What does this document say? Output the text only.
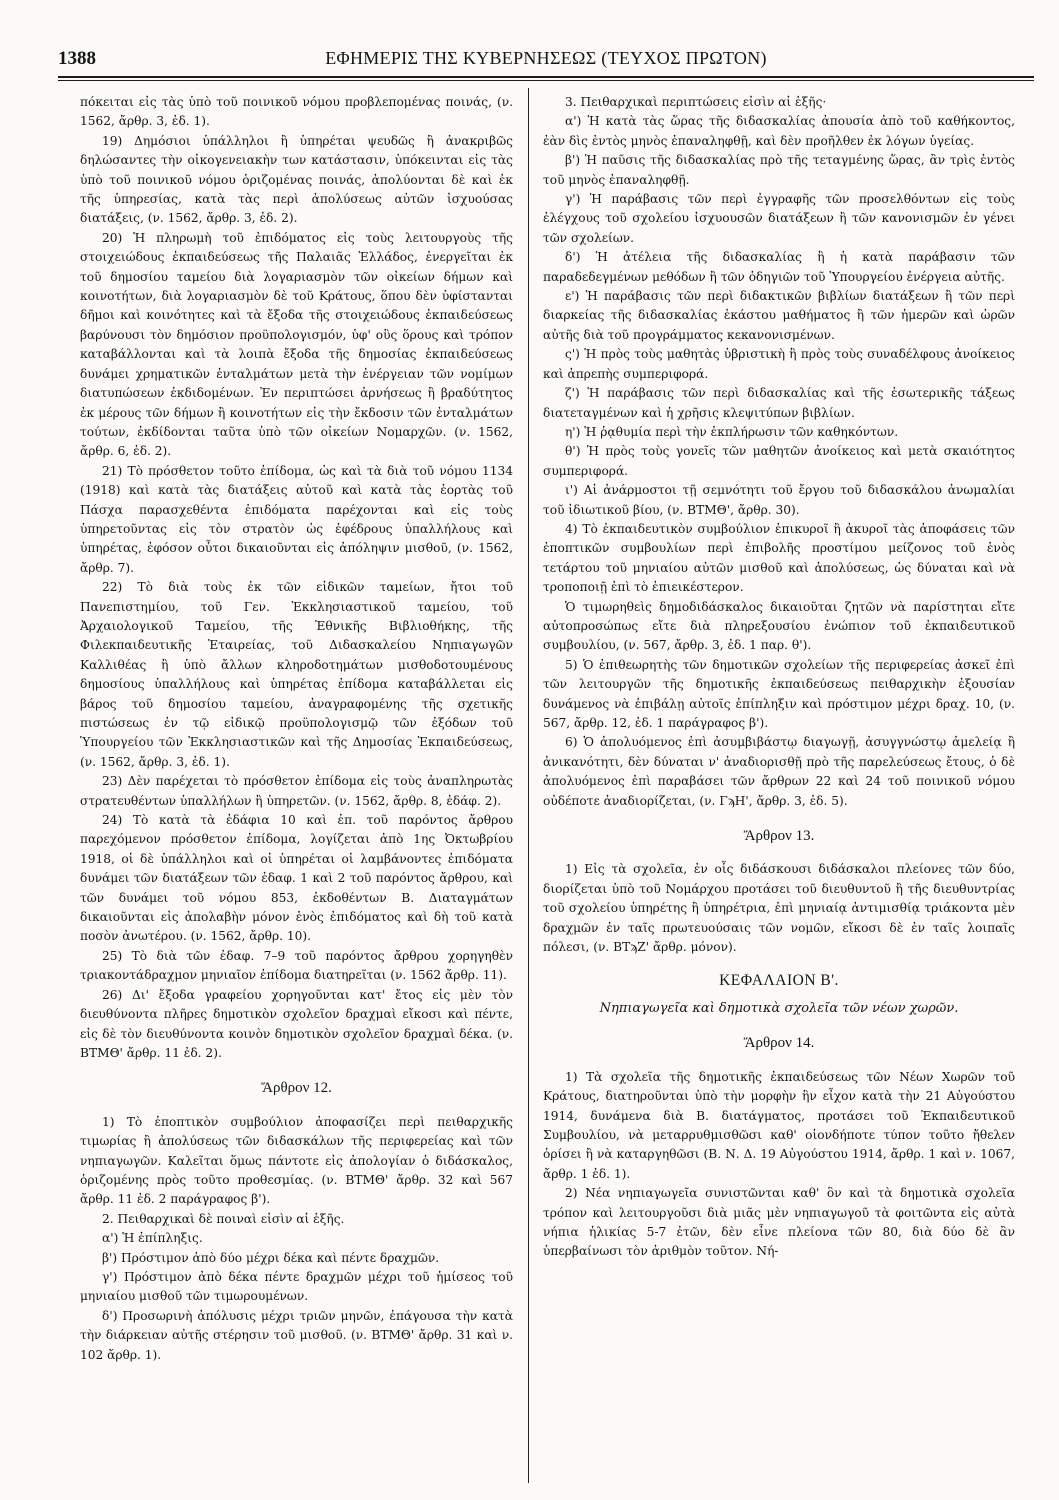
1388	ΕΦΗΜΕΡΙΣ ΤΗΣ ΚΥΒΕΡΝΗΣΕΩΣ (ΤΕΥΧΟΣ ΠΡΩΤΟΝ)

πόκειται εἰς τὰς ὑπὸ τοῦ ποινικοῦ νόμου προβλεπομένας ποινάς, (ν. 1562, ἄρθρ. 3, ἐδ. 1).

19) Δημόσιοι ὑπάλληλοι ἢ ὑπηρέται ψευδῶς ἢ ἀνακριβῶς δηλώσαντες τὴν οἰκογενειακὴν των κατάστασιν, ὑπόκεινται εἰς τὰς ὑπὸ τοῦ ποινικοῦ νόμου ὁριζομένας ποινάς, ἀπολύονται δὲ καὶ ἐκ τῆς ὑπηρεσίας, κατὰ τὰς περὶ ἀπολύσεως αὐτῶν ἰσχυούσας διατάξεις, (ν. 1562, ἄρθρ. 3, ἐδ. 2).

20) Ἡ πληρωμὴ τοῦ ἐπιδόματος εἰς τοὺς λειτουργοὺς τῆς στοιχειώδους ἐκπαιδεύσεως τῆς Παλαιᾶς Ἑλλάδος, ἐνεργεῖται ἐκ τοῦ δημοσίου ταμείου διὰ λογαριασμὸν τῶν οἰκείων δήμων καὶ κοινοτήτων, διὰ λογαριασμὸν δὲ τοῦ Κράτους, ὅπου δὲν ὑφίστανται δῆμοι καὶ κοινότητες καὶ τὰ ἔξοδα τῆς στοιχειώδους ἐκπαιδεύσεως βαρύνουσι τὸν δημόσιον προϋπολογισμόν, ὑφ' οὓς ὅρους καὶ τρόπον καταβάλλονται καὶ τὰ λοιπὰ ἔξοδα τῆς δημοσίας ἐκπαιδεύσεως δυνάμει χρηματικῶν ἐνταλμάτων μετὰ τὴν ἐνέργειαν τῶν νομίμων διατυπώσεων ἐκδιδομένων. Ἐν περιπτώσει ἀρνήσεως ἢ βραδύτητος ἐκ μέρους τῶν δήμων ἢ κοινοτήτων εἰς τὴν ἔκδοσιν τῶν ἐνταλμάτων τούτων, ἐκδίδονται ταῦτα ὑπὸ τῶν οἰκείων Νομαρχῶν. (ν. 1562, ἄρθρ. 6, ἐδ. 2).

21) Τὸ πρόσθετον τοῦτο ἐπίδομα, ὡς καὶ τὰ διὰ τοῦ νόμου 1134 (1918) καὶ κατὰ τὰς διατάξεις αὐτοῦ καὶ κατὰ τὰς ἑορτὰς τοῦ Πάσχα παρασχεθέντα ἐπιδόματα παρέχονται καὶ εἰς τοὺς ὑπηρετοῦντας εἰς τὸν στρατὸν ὡς ἐφέδρους ὑπαλλήλους καὶ ὑπηρέτας, ἐφόσον οὗτοι δικαιοῦνται εἰς ἀπόληψιν μισθοῦ, (ν. 1562, ἄρθρ. 7).

22) Τὸ διὰ τοὺς ἐκ τῶν εἰδικῶν ταμείων, ἤτοι τοῦ Πανεπιστημίου, τοῦ Γεν. Ἐκκλησιαστικοῦ ταμείου, τοῦ Ἀρχαιολογικοῦ Ταμείου, τῆς Ἐθνικῆς Βιβλιοθήκης, τῆς Φιλεκπαιδευτικῆς Ἑταιρείας, τοῦ Διδασκαλείου Νηπιαγωγῶν Καλλιθέας ἢ ὑπὸ ἄλλων κληροδοτημάτων μισθοδοτουμένους δημοσίους ὑπαλλήλους καὶ ὑπηρέτας ἐπίδομα καταβάλλεται εἰς βάρος τοῦ δημοσίου ταμείου, ἀναγραφομένης τῆς σχετικῆς πιστώσεως ἐν τῷ εἰδικῷ προϋπολογισμῷ τῶν ἐξόδων τοῦ Ὑπουργείου τῶν Ἐκκλησιαστικῶν καὶ τῆς Δημοσίας Ἐκπαιδεύσεως, (ν. 1562, ἄρθρ. 3, ἐδ. 1).

23) Δὲν παρέχεται τὸ πρόσθετον ἐπίδομα εἰς τοὺς ἀναπληρωτὰς στρατευθέντων ὑπαλλήλων ἢ ὑπηρετῶν. (ν. 1562, ἄρθρ. 8, ἐδάφ. 2).

24) Τὸ κατὰ τὰ ἐδάφια 10 καὶ ἐπ. τοῦ παρόντος ἄρθρου παρεχόμενον πρόσθετον ἐπίδομα, λογίζεται ἀπὸ 1ης Ὀκτωβρίου 1918, οἱ δὲ ὑπάλληλοι καὶ οἱ ὑπηρέται οἱ λαμβάνοντες ἐπιδόματα δυνάμει τῶν διατάξεων τῶν ἐδαφ. 1 καὶ 2 τοῦ παρόντος ἄρθρου, καὶ τῶν δυνάμει τοῦ νόμου 853, ἐκδοθέντων Β. Διαταγμάτων δικαιοῦνται εἰς ἀπολαβὴν μόνον ἑνὸς ἐπιδόματος καὶ δὴ τοῦ κατὰ ποσὸν ἀνωτέρου. (ν. 1562, ἄρθρ. 10).

25) Τὸ διὰ τῶν ἐδαφ. 7–9 τοῦ παρόντος ἄρθρου χορηγηθὲν τριακοντάδραχμον μηνιαῖον ἐπίδομα διατηρεῖται (ν. 1562 ἄρθρ. 11).

26) Δι' ἔξοδα γραφείου χορηγοῦνται κατ' ἔτος εἰς μὲν τὸν διευθύνοντα πλῆρες δημοτικὸν σχολεῖον δραχμαὶ εἴκοσι καὶ πέντε, εἰς δὲ τὸν διευθύνοντα κοινὸν δημοτικὸν σχολεῖον δραχμαὶ δέκα. (ν. ΒΤΜΘ' ἄρθρ. 11 ἐδ. 2).

Ἄρθρον 12.

1) Τὸ ἐποπτικὸν συμβούλιον ἀποφασίζει περὶ πειθαρχικῆς τιμωρίας ἢ ἀπολύσεως τῶν διδασκάλων τῆς περιφερείας καὶ τῶν νηπιαγωγῶν. Καλεῖται ὅμως πάντοτε εἰς ἀπολογίαν ὁ διδάσκαλος, ὁριζομένης πρὸς τοῦτο προθεσμίας. (ν. ΒΤΜΘ' ἄρθρ. 32 καὶ 567 ἄρθρ. 11 ἐδ. 2 παράγραφος β').

2. Πειθαρχικαὶ δὲ ποιναὶ εἰσὶν αἱ ἑξῆς.

α') Ἡ ἐπίπληξις.

β') Πρόστιμον ἀπὸ δύο μέχρι δέκα καὶ πέντε δραχμῶν.

γ') Πρόστιμον ἀπὸ δέκα πέντε δραχμῶν μέχρι τοῦ ἡμίσεος τοῦ μηνιαίου μισθοῦ τῶν τιμωρουμένων.

δ') Προσωρινὴ ἀπόλυσις μέχρι τριῶν μηνῶν, ἐπάγουσα τὴν κατὰ τὴν διάρκειαν αὐτῆς στέρησιν τοῦ μισθοῦ. (ν. ΒΤΜΘ' ἄρθρ. 31 καὶ ν. 102 ἄρθρ. 1).

3. Πειθαρχικαὶ περιπτώσεις εἰσὶν αἱ ἑξῆς·

α') Ἡ κατὰ τὰς ὥρας τῆς διδασκαλίας ἀπουσία ἀπὸ τοῦ καθήκοντος, ἐὰν δὶς ἐντὸς μηνὸς ἐπαναληφθῇ, καὶ δὲν προῆλθεν ἐκ λόγων ὑγείας.

β') Ἡ παῦσις τῆς διδασκαλίας πρὸ τῆς τεταγμένης ὥρας, ἂν τρὶς ἐντὸς τοῦ μηνὸς ἐπαναληφθῇ.

γ') Ἡ παράβασις τῶν περὶ ἐγγραφῆς τῶν προσελθόντων εἰς τοὺς ἐλέγχους τοῦ σχολείου ἰσχυουσῶν διατάξεων ἢ τῶν κανονισμῶν ἐν γένει τῶν σχολείων.

δ') Ἡ ἀτέλεια τῆς διδασκαλίας ἢ ἡ κατὰ παράβασιν τῶν παραδεδεγμένων μεθόδων ἢ τῶν ὁδηγιῶν τοῦ Ὑπουργείου ἐνέργεια αὐτῆς.

ε') Ἡ παράβασις τῶν περὶ διδακτικῶν βιβλίων διατάξεων ἢ τῶν περὶ διαρκείας τῆς διδασκαλίας ἑκάστου μαθήματος ἢ τῶν ἡμερῶν καὶ ὡρῶν αὐτῆς διὰ τοῦ προγράμματος κεκανονισμένων.

ς') Ἡ πρὸς τοὺς μαθητὰς ὑβριστικὴ ἢ πρὸς τοὺς συναδέλφους ἀνοίκειος καὶ ἀπρεπὴς συμπεριφορά.

ζ') Ἡ παράβασις τῶν περὶ διδασκαλίας καὶ τῆς ἐσωτερικῆς τάξεως διατεταγμένων καὶ ἡ χρῆσις κλεψιτύπων βιβλίων.

η') Ἡ ῥᾳθυμία περὶ τὴν ἐκπλήρωσιν τῶν καθηκόντων.

θ') Ἡ πρὸς τοὺς γονεῖς τῶν μαθητῶν ἀνοίκειος καὶ μετὰ σκαιότητος συμπεριφορά.

ι') Αἱ ἀνάρμοστοι τῇ σεμνότητι τοῦ ἔργου τοῦ διδασκάλου ἀνωμαλίαι τοῦ ἰδιωτικοῦ βίου, (ν. ΒΤΜΘ', ἄρθρ. 30).

4) Τὸ ἐκπαιδευτικὸν συμβούλιον ἐπικυροῖ ἢ ἀκυροῖ τὰς ἀποφάσεις τῶν ἐποπτικῶν συμβουλίων περὶ ἐπιβολῆς προστίμου μείζονος τοῦ ἑνὸς τετάρτου τοῦ μηνιαίου αὐτῶν μισθοῦ καὶ ἀπολύσεως, ὡς δύναται καὶ νὰ τροποποιῇ ἐπὶ τὸ ἐπιεικέστερον.

Ὁ τιμωρηθεὶς δημοδιδάσκαλος δικαιοῦται ζητῶν νὰ παρίστηται εἴτε αὐτοπροσώπως εἴτε διὰ πληρεξουσίου ἐνώπιον τοῦ ἐκπαιδευτικοῦ συμβουλίου, (ν. 567, ἄρθρ. 3, ἐδ. 1 παρ. θ').

5) Ὁ ἐπιθεωρητὴς τῶν δημοτικῶν σχολείων τῆς περιφερείας ἀσκεῖ ἐπὶ τῶν λειτουργῶν τῆς δημοτικῆς ἐκπαιδεύσεως πειθαρχικὴν ἐξουσίαν δυνάμενος νὰ ἐπιβάλῃ αὐτοῖς ἐπίπληξιν καὶ πρόστιμον μέχρι δραχ. 10, (ν. 567, ἄρθρ. 12, ἐδ. 1 παράγραφος β').

6) Ὁ ἀπολυόμενος ἐπὶ ἀσυμβιβάστῳ διαγωγῇ, ἀσυγγνώστῳ ἀμελείᾳ ἢ ἀνικανότητι, δὲν δύναται ν' ἀναδιορισθῇ πρὸ τῆς παρελεύσεως ἔτους, ὁ δὲ ἀπολυόμενος ἐπὶ παραβάσει τῶν ἄρθρων 22 καὶ 24 τοῦ ποινικοῦ νόμου οὐδέποτε ἀναδιορίζεται, (ν. ΓϡΗ', ἄρθρ. 3, ἐδ. 5).

Ἄρθρον 13.

1) Εἰς τὰ σχολεῖα, ἐν οἷς διδάσκουσι διδάσκαλοι πλείονες τῶν δύο, διορίζεται ὑπὸ τοῦ Νομάρχου προτάσει τοῦ διευθυντοῦ ἢ τῆς διευθυντρίας τοῦ σχολείου ὑπηρέτης ἢ ὑπηρέτρια, ἐπὶ μηνιαίᾳ ἀντιμισθίᾳ τριάκοντα μὲν δραχμῶν ἐν ταῖς πρωτευούσαις τῶν νομῶν, εἴκοσι δὲ ἐν ταῖς λοιπαῖς πόλεσι, (ν. ΒΤϡΖ' ἄρθρ. μόνον).

ΚΕΦΑΛΑΙΟΝ Β'.
Νηπιαγωγεῖα καὶ δημοτικὰ σχολεῖα τῶν νέων χωρῶν.
Ἄρθρον 14.

1) Τὰ σχολεῖα τῆς δημοτικῆς ἐκπαιδεύσεως τῶν Νέων Χωρῶν τοῦ Κράτους, διατηροῦνται ὑπὸ τὴν μορφὴν ἣν εἶχον κατὰ τὴν 21 Αὐγούστου 1914, δυνάμενα διὰ Β. διατάγματος, προτάσει τοῦ Ἐκπαιδευτικοῦ Συμβουλίου, νὰ μεταρρυθμισθῶσι καθ' οἱονδήποτε τύπον τοῦτο ἤθελεν ὁρίσει ἢ νὰ καταργηθῶσι (Β. Ν. Δ. 19 Αὐγούστου 1914, ἄρθρ. 1 καὶ ν. 1067, ἄρθρ. 1 ἐδ. 1).

2) Νέα νηπιαγωγεῖα συνιστῶνται καθ' ὃν καὶ τὰ δημοτικὰ σχολεῖα τρόπον καὶ λειτουργοῦσι διὰ μιᾶς μὲν νηπιαγωγοῦ τὰ φοιτῶντα εἰς αὐτὰ νήπια ἡλικίας 5-7 ἐτῶν, δὲν εἶνε πλείονα τῶν 80, διὰ δύο δὲ ἂν ὑπερβαίνωσι τὸν ἀριθμὸν τοῦτον. Νή-
